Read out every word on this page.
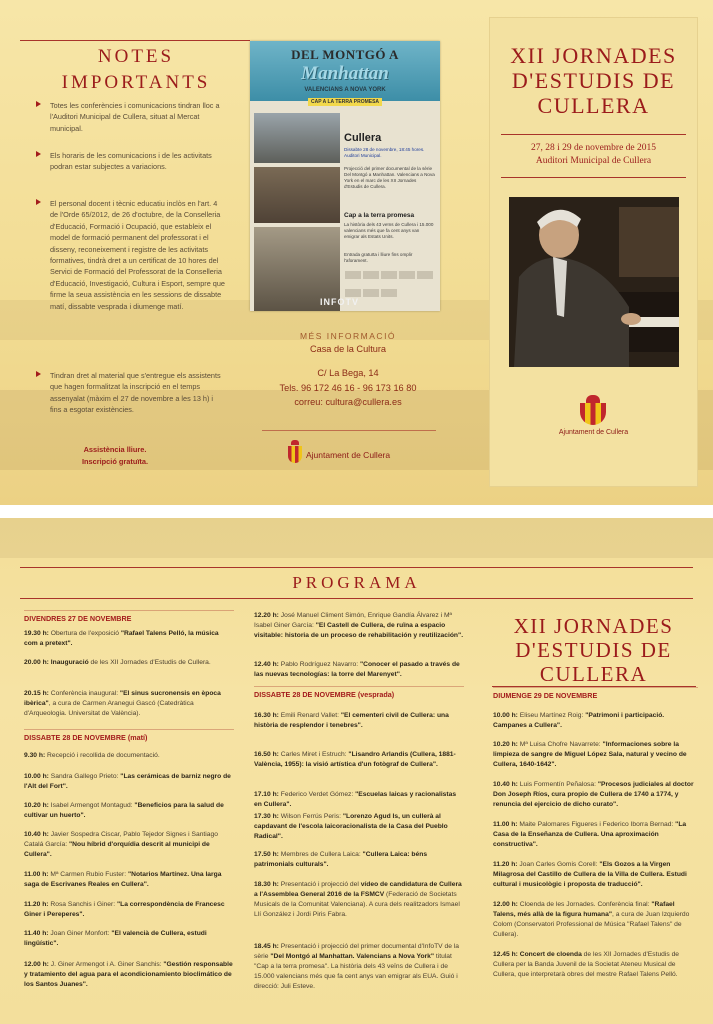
NOTES
IMPORTANTS
Totes les conferències i comunicacions tindran lloc a l'Auditori Municipal de Cullera, situat al Mercat municipal.
Els horaris de les comunicacions i de les activitats podran estar subjectes a variacions.
El personal docent i tècnic educatiu inclòs en l'art. 4 de l'Orde 65/2012, de 26 d'octubre, de la Conselleria d'Educació, Formació i Ocupació, que estableix el model de formació permanent del professorat i el disseny, reconeixement i registre de les activitats formatives, tindrà dret a un certificat de 10 hores del Servici de Formació del Professorat de la Conselleria d'Educació, Investigació, Cultura i Esport, sempre que firme la seua assistència en les sessions de dissabte matí, dissabte vesprada i diumenge matí.
Tindran dret al material que s'entregue els assistents que hagen formalitzat la inscripció en el temps assenyalat (màxim el 27 de novembre a les 13 h) i fins a esgotar existències.
Assistència lliure.
Inscripció gratuïta.
DEL MONTGÓ A
Manhattan
VALENCIANS A NOVA YORK
CAP A LA TERRA PROMESA
Cullera
Dissabte 28 de novembre, 18:45 hores. Auditori Municipal.
Projecció del primer documental de la sèrie Del Montgó a Manhattan. Valencians a Nova York en el marc de les XII Jornades d'Estudis de Cullera.
Cap a la terra promesa
La història dels 43 veïns de Cullera i 15.000 valencians més que fa cent anys van emigrar als Estats Units.
Entrada gratuïta i lliure fins omplir l'aforament.
INFOTV
MÉS INFORMACIÓ
Casa de la Cultura
C/ La Bega, 14
Tels. 96 172 46 16 - 96 173 16 80
correu: cultura@cullera.es
Ajuntament de Cullera
XII JORNADES
D'ESTUDIS DE
CULLERA
27, 28 i 29 de novembre de 2015
Auditori Municipal de Cullera
Ajuntament de Cullera
PROGRAMA
XII JORNADES
D'ESTUDIS DE
CULLERA
DIVENDRES 27 DE NOVEMBRE
19.30 h: Obertura de l'exposició "Rafael Talens Pelló, la música com a pretext".
20.00 h: Inauguració de les XII Jornades d'Estudis de Cullera.
20.15 h: Conferència inaugural: "El sinus sucronensis en època ibèrica", a cura de Carmen Aranegui Gascó (Catedràtica d'Arqueologia. Universitat de València).
DISSABTE 28 DE NOVEMBRE (matí)
9.30 h: Recepció i recollida de documentació.
10.00 h: Sandra Gallego Prieto: "Las cerámicas de barniz negro de l'Alt del Fort".
10.20 h: Isabel Armengot Montagud: "Beneficios para la salud de cultivar un huerto".
10.40 h: Javier Sospedra Ciscar, Pablo Tejedor Signes i Santiago Catalá García: "Nou híbrid d'orquídia descrit al municipi de Cullera".
11.00 h: Mª Carmen Rubio Fuster: "Notarios Martínez. Una larga saga de Escrivanes Reales en Cullera".
11.20 h: Rosa Sanchis i Giner: "La correspondència de Francesc Giner i Pereperes".
11.40 h: Joan Giner Monfort: "El valencià de Cullera, estudi lingüístic".
12.00 h: J. Giner Armengot i A. Giner Sanchis: "Gestión responsable y tratamiento del agua para el acondicionamiento bioclimático de los Santos Juanes".
12.20 h: José Manuel Climent Simón, Enrique Gandía Álvarez i Mª Isabel Giner García: "El Castell de Cullera, de ruïna a espacio visitable: historia de un proceso de rehabilitación y reutilización".
12.40 h: Pablo Rodríguez Navarro: "Conocer el pasado a través de las nuevas tecnologías: la torre del Marenyet".
DISSABTE 28 DE NOVEMBRE (vesprada)
16.30 h: Emili Renard Vallet: "El cementeri civil de Cullera: una història de resplendor i tenebres".
16.50 h: Carles Miret i Estruch: "Lisandro Arlandis (Cullera, 1881-València, 1955): la visió artística d'un fotògraf de Cullera".
17.10 h: Federico Verdet Gómez: "Escuelas laicas y racionalistas en Cullera".
17.30 h: Wilson Ferrús Peris: "Lorenzo Agud Is, un cullerà al capdavant de l'escola laicoracionalista de la Casa del Pueblo Radical".
17.50 h: Membres de Cullera Laica: "Cullera Laica: béns patrimonials culturals".
18.30 h: Presentació i projecció del vídeo de candidatura de Cullera a l'Assemblea General 2016 de la FSMCV (Federació de Societats Musicals de la Comunitat Valenciana). A cura dels realitzadors Ismael Llí González i Jordi Piris Fabra.
18.45 h: Presentació i projecció del primer documental d'InfoTV de la sèrie "Del Montgó al Manhattan. Valencians a Nova York" titulat "Cap a la terra promesa". La història dels 43 veïns de Cullera i de 15.000 valencians més que fa cent anys van emigrar als EUA. Guió i direcció: Juli Esteve.
DIUMENGE 29 DE NOVEMBRE
10.00 h: Eliseu Martínez Roig: "Patrimoni i participació. Campanes a Cullera".
10.20 h: Mª Luisa Chofre Navarrete: "Informaciones sobre la limpieza de sangre de Miguel López Sala, natural y vecino de Cullera, 1640-1642".
10.40 h: Luis Formentín Peñalosa: "Procesos judiciales al doctor Don Joseph Ríos, cura propio de Cullera de 1740 a 1774, y renuncia del ejercicio de dicho curato".
11.00 h: Maite Palomares Figueres i Federico Iborra Bernad: "La Casa de la Enseñanza de Cullera. Una aproximación constructiva".
11.20 h: Joan Carles Gomis Corell: "Els Gozos a la Virgen Milagrosa del Castillo de Cullera de la Villa de Cullera. Estudi cultural i musicològic i proposta de traducció".
12.00 h: Cloenda de les Jornades. Conferència final: "Rafael Talens, més allà de la figura humana", a cura de Juan Izquierdo Colom (Conservatori Professional de Música "Rafael Talens" de Cullera).
12.45 h: Concert de cloenda de les XII Jornades d'Estudis de Cullera per la Banda Juvenil de la Societat Ateneu Musical de Cullera, que interpretarà obres del mestre Rafael Talens Pelló.
